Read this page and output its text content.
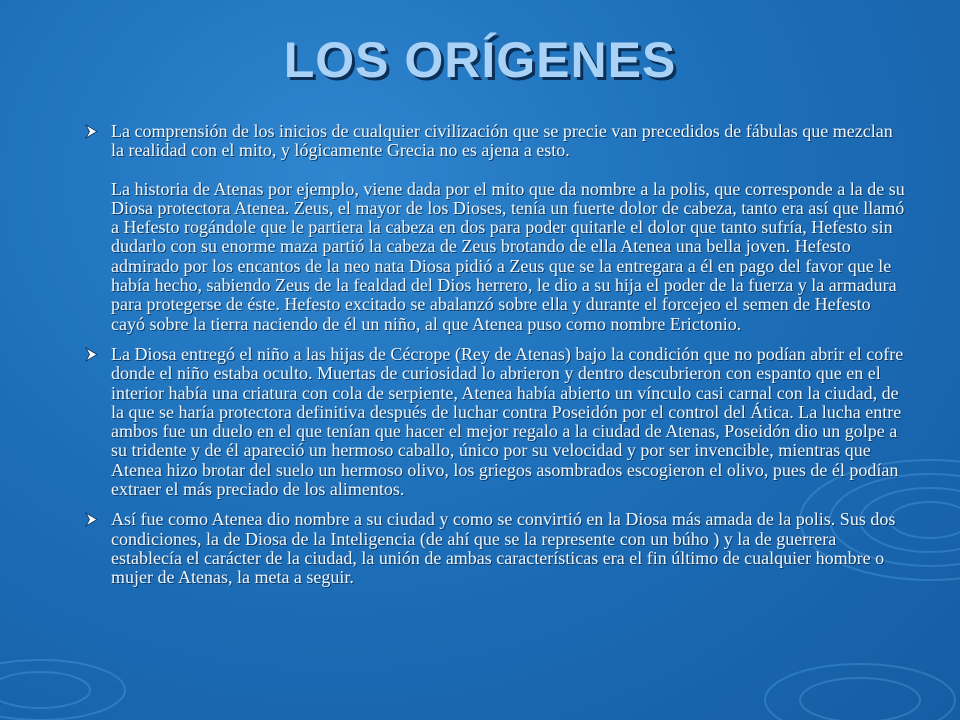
LOS ORÍGENES

La comprensión de los inicios de cualquier civilización que se precie van precedidos de fábulas que mezclan la realidad con el mito, y lógicamente Grecia no es ajena a esto.

La historia de Atenas por ejemplo, viene dada por el mito que da nombre a la polis, que corresponde a la de su Diosa protectora Atenea. Zeus, el mayor de los Dioses, tenía un fuerte dolor de cabeza, tanto era así que llamó a Hefesto rogándole que le partiera la cabeza en dos para poder quitarle el dolor que tanto sufría, Hefesto sin dudarlo con su enorme maza partió la cabeza de Zeus brotando de ella Atenea una bella joven. Hefesto admirado por los encantos de la neo nata Diosa pidió a Zeus que se la entregara a él en pago del favor que le había hecho, sabiendo Zeus de la fealdad del Dios herrero, le dio a su hija el poder de la fuerza y la armadura para protegerse de éste. Hefesto excitado se abalanzó sobre ella y durante el forcejeo el semen de Hefesto cayó sobre la tierra naciendo de él un niño, al que Atenea puso como nombre Erictonio.

La Diosa entregó el niño a las hijas de Cécrope (Rey de Atenas) bajo la condición que no podían abrir el cofre donde el niño estaba oculto. Muertas de curiosidad lo abrieron y dentro descubrieron con espanto que en el interior había una criatura con cola de serpiente, Atenea había abierto un vínculo casi carnal con la ciudad, de la que se haría protectora definitiva después de luchar contra Poseidón por el control del Ática. La lucha entre ambos fue un duelo en el que tenían que hacer el mejor regalo a la ciudad de Atenas, Poseidón dio un golpe a su tridente y de él apareció un hermoso caballo, único por su velocidad y por ser invencible, mientras que Atenea hizo brotar del suelo un hermoso olivo, los griegos asombrados escogieron el olivo, pues de él podían extraer el más preciado de los alimentos.

Así fue como Atenea dio nombre a su ciudad y como se convirtió en la Diosa más amada de la polis. Sus dos condiciones, la de Diosa de la Inteligencia (de ahí que se la represente con un búho ) y la de guerrera establecía el carácter de la ciudad, la unión de ambas características era el fin último de cualquier hombre o mujer de Atenas, la meta a seguir.
